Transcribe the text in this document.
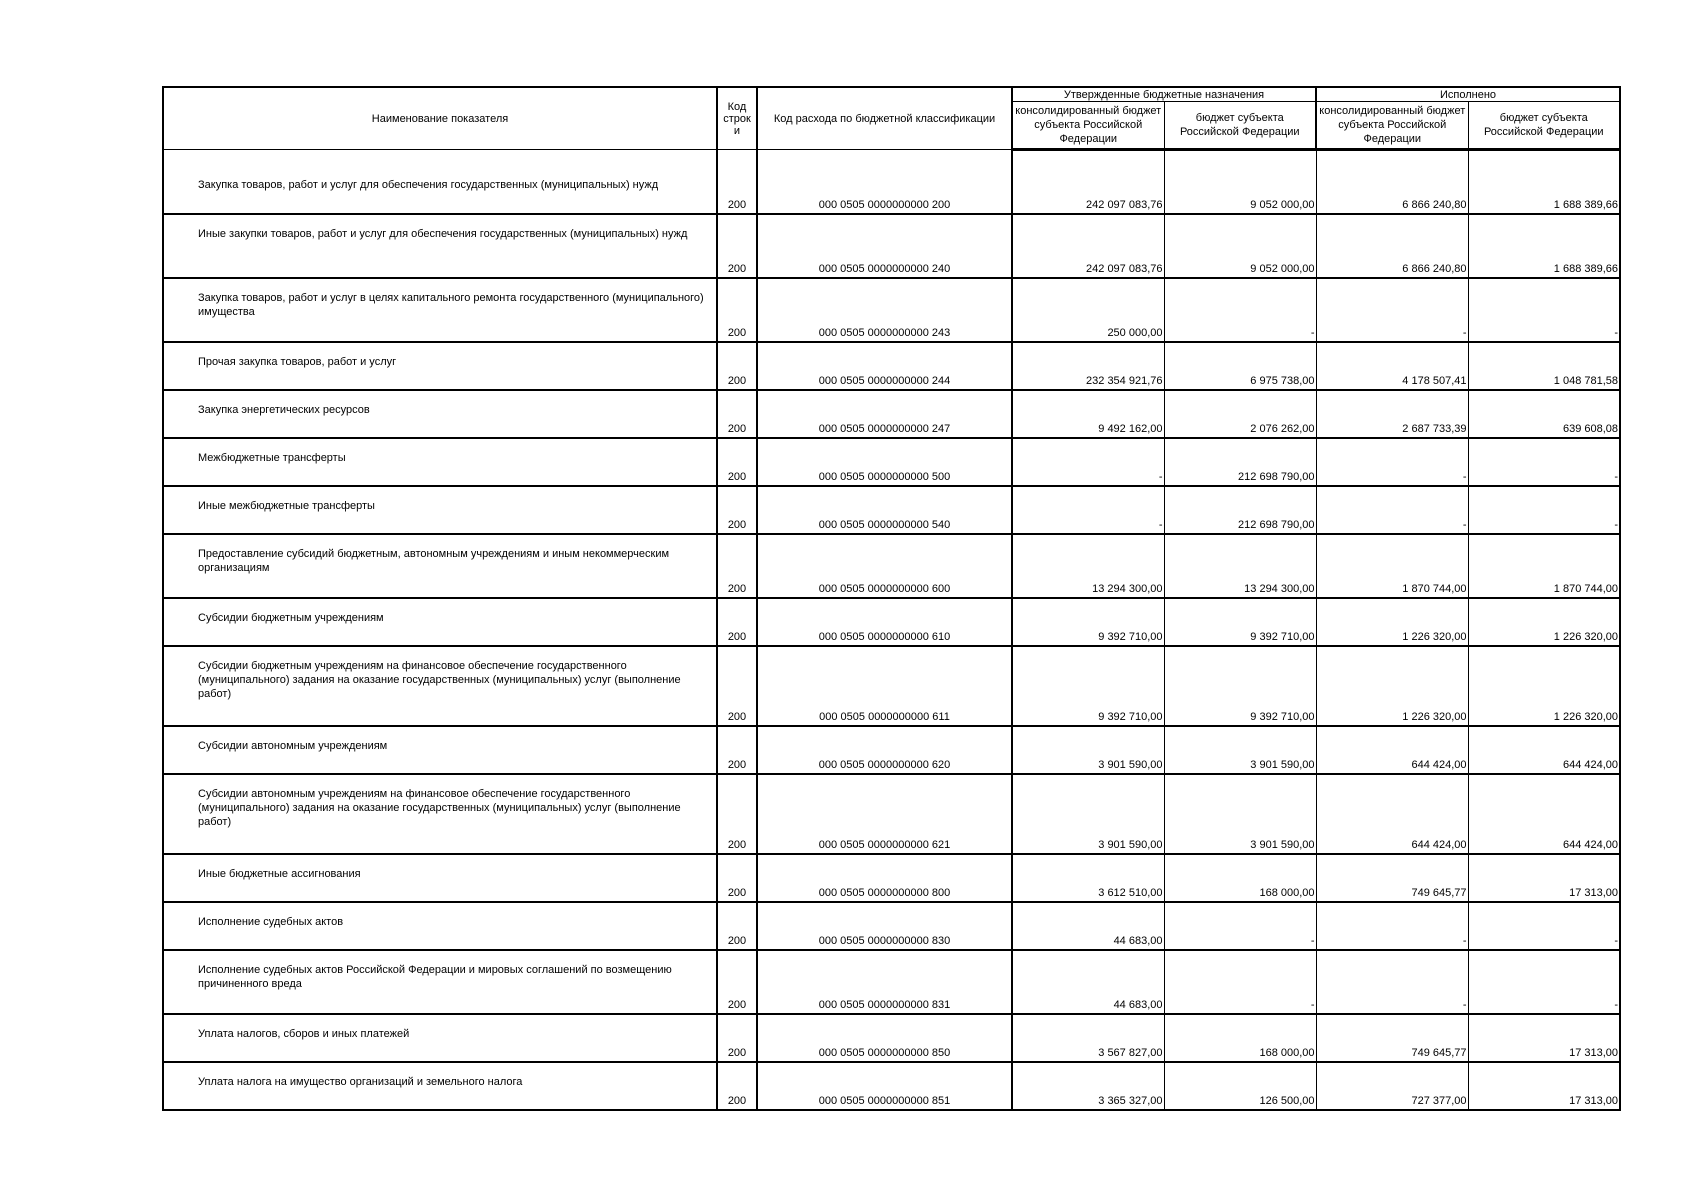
Наименование показателя	Код строк и	Код расхода по бюджетной классификации	Утвержденные бюджетные назначения		Исполнено	
			консолидированный бюджет субъекта Российской Федерации	бюджет субъекта Российской Федерации	консолидированный бюджет субъекта Российской Федерации	бюджет субъекта Российской Федерации
Закупка товаров, работ и услуг для обеспечения государственных (муниципальных) нужд	200	000 0505 0000000000 200	242 097 083,76	9 052 000,00	6 866 240,80	1 688 389,66
Иные закупки товаров, работ и услуг для обеспечения государственных (муниципальных) нужд	200	000 0505 0000000000 240	242 097 083,76	9 052 000,00	6 866 240,80	1 688 389,66
Закупка товаров, работ и услуг в целях капитального ремонта государственного (муниципального) имущества	200	000 0505 0000000000 243	250 000,00	-	-	-
Прочая закупка товаров, работ и услуг	200	000 0505 0000000000 244	232 354 921,76	6 975 738,00	4 178 507,41	1 048 781,58
Закупка энергетических ресурсов	200	000 0505 0000000000 247	9 492 162,00	2 076 262,00	2 687 733,39	639 608,08
Межбюджетные трансферты	200	000 0505 0000000000 500	-	212 698 790,00	-	-
Иные межбюджетные трансферты	200	000 0505 0000000000 540	-	212 698 790,00	-	-
Предоставление субсидий бюджетным, автономным учреждениям и иным некоммерческим организациям	200	000 0505 0000000000 600	13 294 300,00	13 294 300,00	1 870 744,00	1 870 744,00
Субсидии бюджетным учреждениям	200	000 0505 0000000000 610	9 392 710,00	9 392 710,00	1 226 320,00	1 226 320,00
Субсидии бюджетным учреждениям на финансовое обеспечение государственного (муниципального) задания на оказание государственных (муниципальных) услуг (выполнение работ)	200	000 0505 0000000000 611	9 392 710,00	9 392 710,00	1 226 320,00	1 226 320,00
Субсидии автономным учреждениям	200	000 0505 0000000000 620	3 901 590,00	3 901 590,00	644 424,00	644 424,00
Субсидии автономным учреждениям на финансовое обеспечение государственного (муниципального) задания на оказание государственных (муниципальных) услуг (выполнение работ)	200	000 0505 0000000000 621	3 901 590,00	3 901 590,00	644 424,00	644 424,00
Иные бюджетные ассигнования	200	000 0505 0000000000 800	3 612 510,00	168 000,00	749 645,77	17 313,00
Исполнение судебных актов	200	000 0505 0000000000 830	44 683,00	-	-	-
Исполнение судебных актов Российской Федерации и мировых соглашений по возмещению причиненного вреда	200	000 0505 0000000000 831	44 683,00	-	-	-
Уплата налогов, сборов и иных платежей	200	000 0505 0000000000 850	3 567 827,00	168 000,00	749 645,77	17 313,00
Уплата налога на имущество организаций и земельного налога	200	000 0505 0000000000 851	3 365 327,00	126 500,00	727 377,00	17 313,00
